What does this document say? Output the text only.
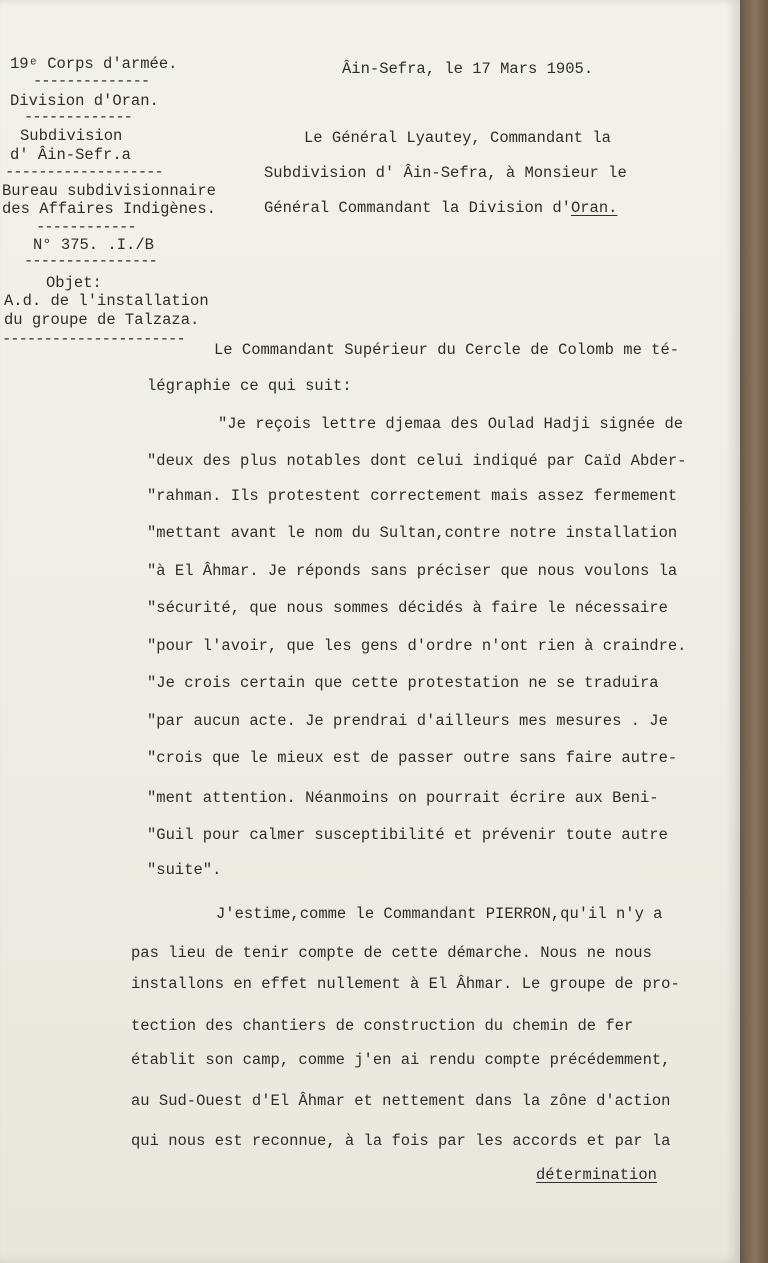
19ᵉ Corps d'armée.
--------------
Division d'Oran.
-------------
Subdivision
d' Âin-Sefr.a
-------------------
Bureau subdivisionnaire
des Affaires Indigènes.
------------
N° 375. .I./B
----------------
Objet:
A.d. de l'installation
du groupe de Talzaza.
----------------------
Âin-Sefra, le 17 Mars 1905.
Le Général Lyautey, Commandant la
Subdivision d' Âin-Sefra, à Monsieur le
Général Commandant la Division d'Oran.
Le Commandant Supérieur du Cercle de Colomb me té-
légraphie ce qui suit:
"Je reçois lettre djemaa des Oulad Hadji signée de
"deux des plus notables dont celui indiqué par Caïd Abder-
"rahman. Ils protestent correctement mais assez fermement
"mettant avant le nom du Sultan,contre notre installation
"à El Âhmar. Je réponds sans préciser que nous voulons la
"sécurité, que nous sommes décidés à faire le nécessaire
"pour l'avoir, que les gens d'ordre n'ont rien à craindre.
"Je crois certain que cette protestation ne se traduira
"par aucun acte. Je prendrai d'ailleurs mes mesures . Je
"crois que le mieux est de passer outre sans faire autre-
"ment attention. Néanmoins on pourrait écrire aux Beni-
"Guil pour calmer susceptibilité et prévenir toute autre
"suite".
J'estime,comme le Commandant PIERRON,qu'il n'y a
pas lieu de tenir compte de cette démarche. Nous ne nous
installons en effet nullement à El Âhmar. Le groupe de pro-
tection des chantiers de construction du chemin de fer
établit son camp, comme j'en ai rendu compte précédemment,
au Sud-Ouest d'El Âhmar et nettement dans la zône d'action
qui nous est reconnue, à la fois par les accords et par la
détermination
